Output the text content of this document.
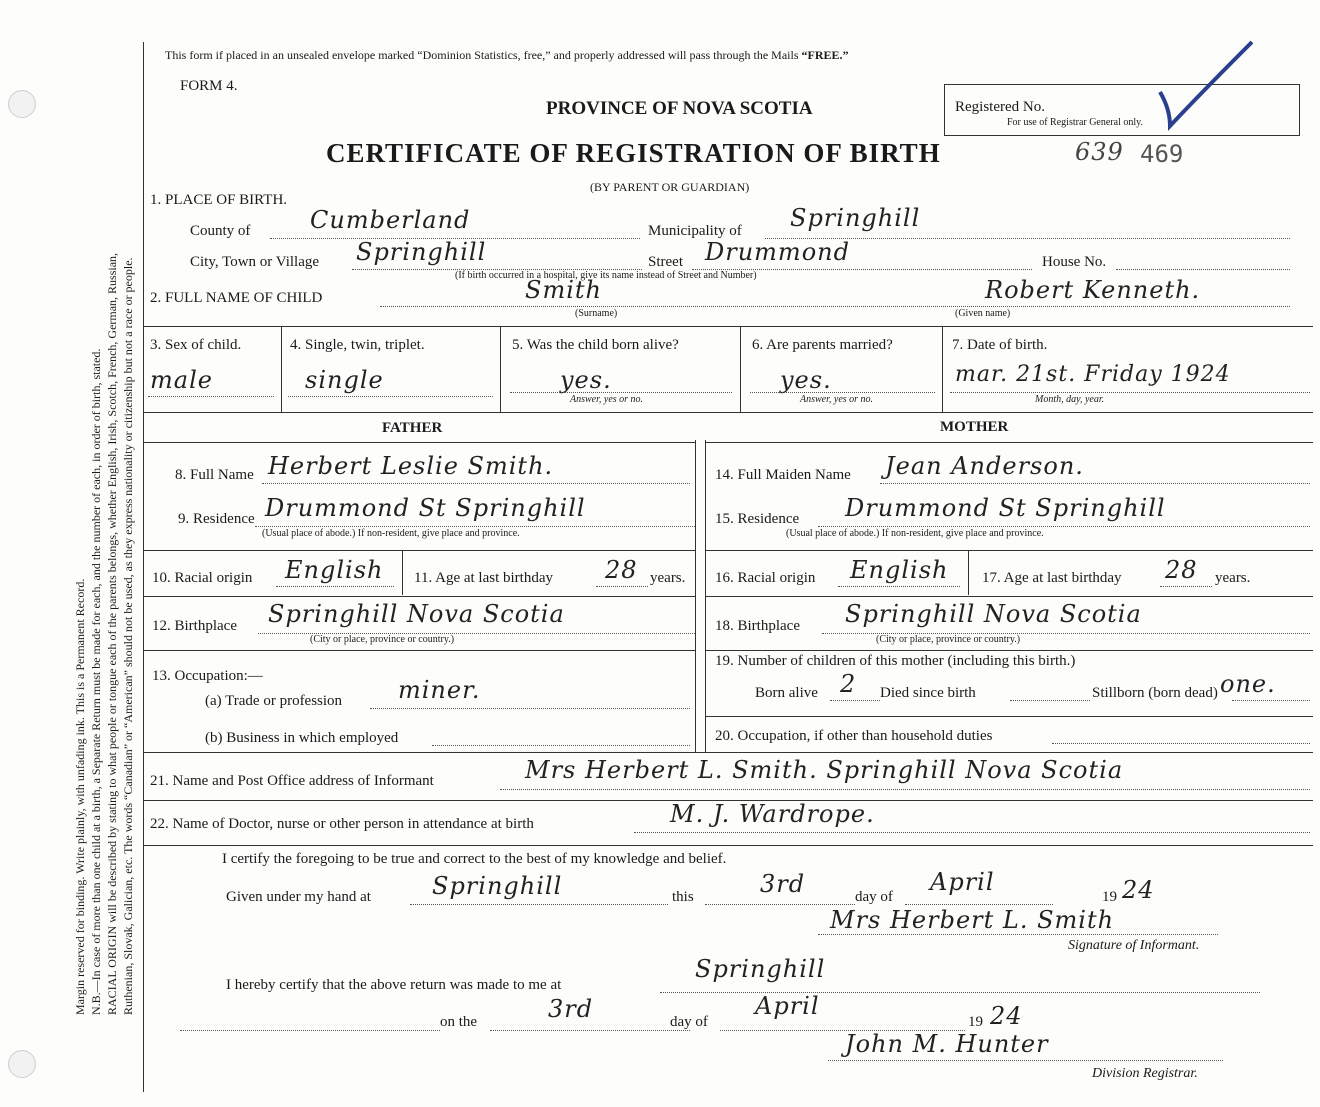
Margin reserved for binding. Write plainly, with unfading ink. This is a Permanent Record. N.B.—In case of more than one child at a birth, a Separate Return must be made for each, and the number of each, in order of birth, stated. RACIAL ORIGIN will be described by stating to what people or tongue each of the parents belongs, whether English, Irish, Scotch, French, German, Russian, Ruthenian, Slovak, Galician, etc. The words “Canadian” or “American” should not be used, as they express nationality or citizenship but not a race or people.
This form if placed in an unsealed envelope marked “Dominion Statistics, free,” and properly addressed will pass through the Mails “FREE.”
FORM 4.
PROVINCE OF NOVA SCOTIA
CERTIFICATE OF REGISTRATION OF BIRTH
(BY PARENT OR GUARDIAN)
Registered No.
For use of Registrar General only.
639 469
1. PLACE OF BIRTH.
County of Cumberland	Municipality of Springhill
City, Town or Village Springhill	Street Drummond	House No.
(If birth occurred in a hospital, give its name instead of Street and Number)
2. FULL NAME OF CHILD	Smith
(Surname)
Robert Kenneth.
(Given name)
3. Sex of child.
male
4. Single, twin, triplet.
single
5. Was the child born alive?
yes.
Answer, yes or no.
6. Are parents married?
yes.
Answer, yes or no.
7. Date of birth.
mar. 21st. Friday 1924
Month, day, year.
FATHER	MOTHER
8. Full Name Herbert Leslie Smith.
9. Residence Drummond St Springhill
(Usual place of abode.) If non-resident, give place and province.
10. Racial origin English 11. Age at last birthday 28 years.
12. Birthplace Springhill Nova Scotia
(City or place, province or country.)
13. Occupation:—
(a) Trade or profession miner.
(b) Business in which employed
14. Full Maiden Name Jean Anderson.
15. Residence Drummond St Springhill
(Usual place of abode.) If non-resident, give place and province.
16. Racial origin English 17. Age at last birthday 28 years.
18. Birthplace Springhill Nova Scotia
(City or place, province or country.)
19. Number of children of this mother (including this birth.)
Born alive 2 Died since birth	Stillborn (born dead) one.
20. Occupation, if other than household duties
21. Name and Post Office address of Informant	Mrs Herbert L. Smith. Springhill Nova Scotia
22. Name of Doctor, nurse or other person in attendance at birth	M. J. Wardrope.
I certify the foregoing to be true and correct to the best of my knowledge and belief.
Given under my hand at	Springhill	this	3rd	day of
April
19 24
Mrs Herbert L. Smith
Signature of Informant.
I hereby certify that the above return was made to me at
Springhill
on the	3rd	day of
April
19 24
John M. Hunter
Division Registrar.
